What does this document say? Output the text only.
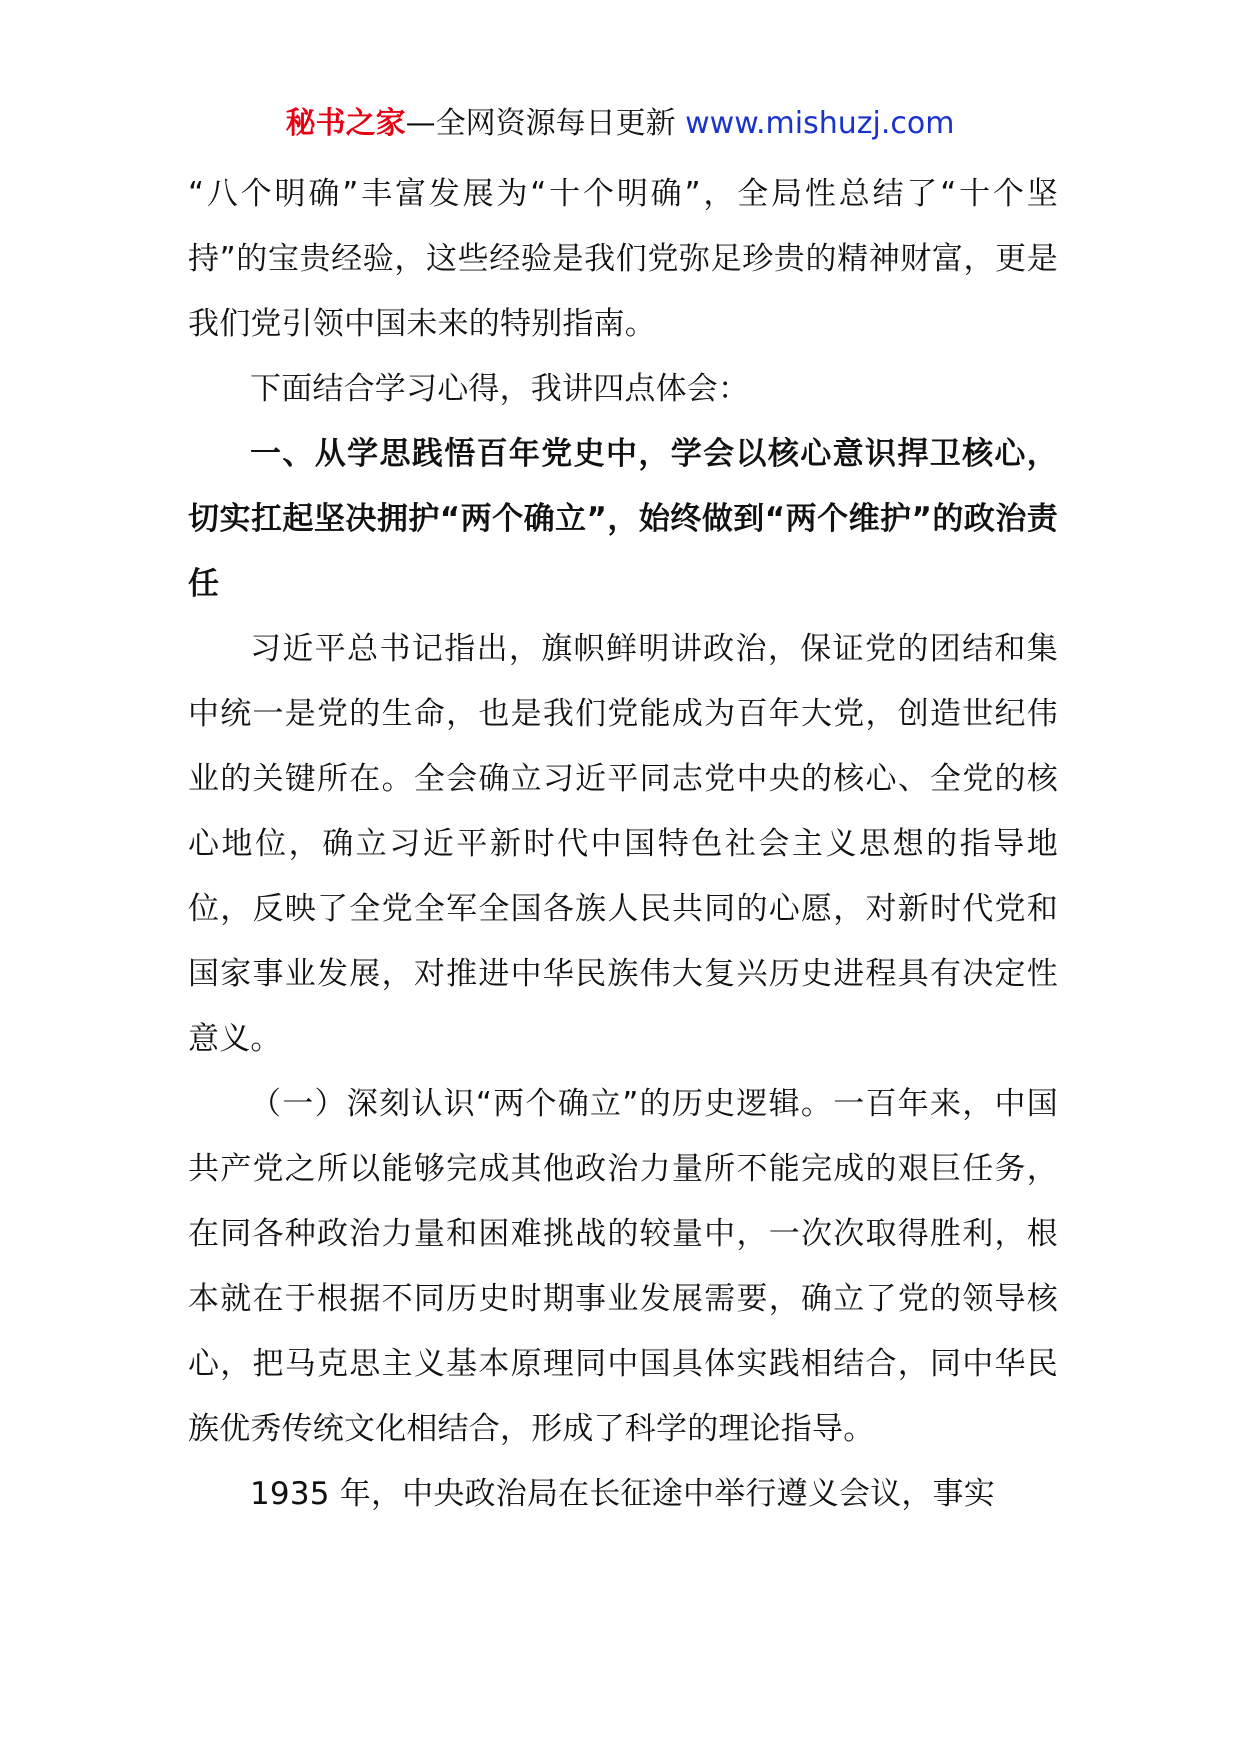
秘书之家—全网资源每日更新 www.mishuzj.com

“八个明确”丰富发展为“十个明确”，全局性总结了“十个坚持”的宝贵经验，这些经验是我们党弥足珍贵的精神财富，更是我们党引领中国未来的特别指南。

下面结合学习心得，我讲四点体会：

一、从学思践悟百年党史中，学会以核心意识捍卫核心，切实扛起坚决拥护“两个确立”，始终做到“两个维护”的政治责任

习近平总书记指出，旗帜鲜明讲政治，保证党的团结和集中统一是党的生命，也是我们党能成为百年大党，创造世纪伟业的关键所在。全会确立习近平同志党中央的核心、全党的核心地位，确立习近平新时代中国特色社会主义思想的指导地位，反映了全党全军全国各族人民共同的心愿，对新时代党和国家事业发展，对推进中华民族伟大复兴历史进程具有决定性意义。

（一）深刻认识“两个确立”的历史逻辑。一百年来，中国共产党之所以能够完成其他政治力量所不能完成的艰巨任务，在同各种政治力量和困难挑战的较量中，一次次取得胜利，根本就在于根据不同历史时期事业发展需要，确立了党的领导核心，把马克思主义基本原理同中国具体实践相结合，同中华民族优秀传统文化相结合，形成了科学的理论指导。

1935 年，中央政治局在长征途中举行遵义会议，事实
